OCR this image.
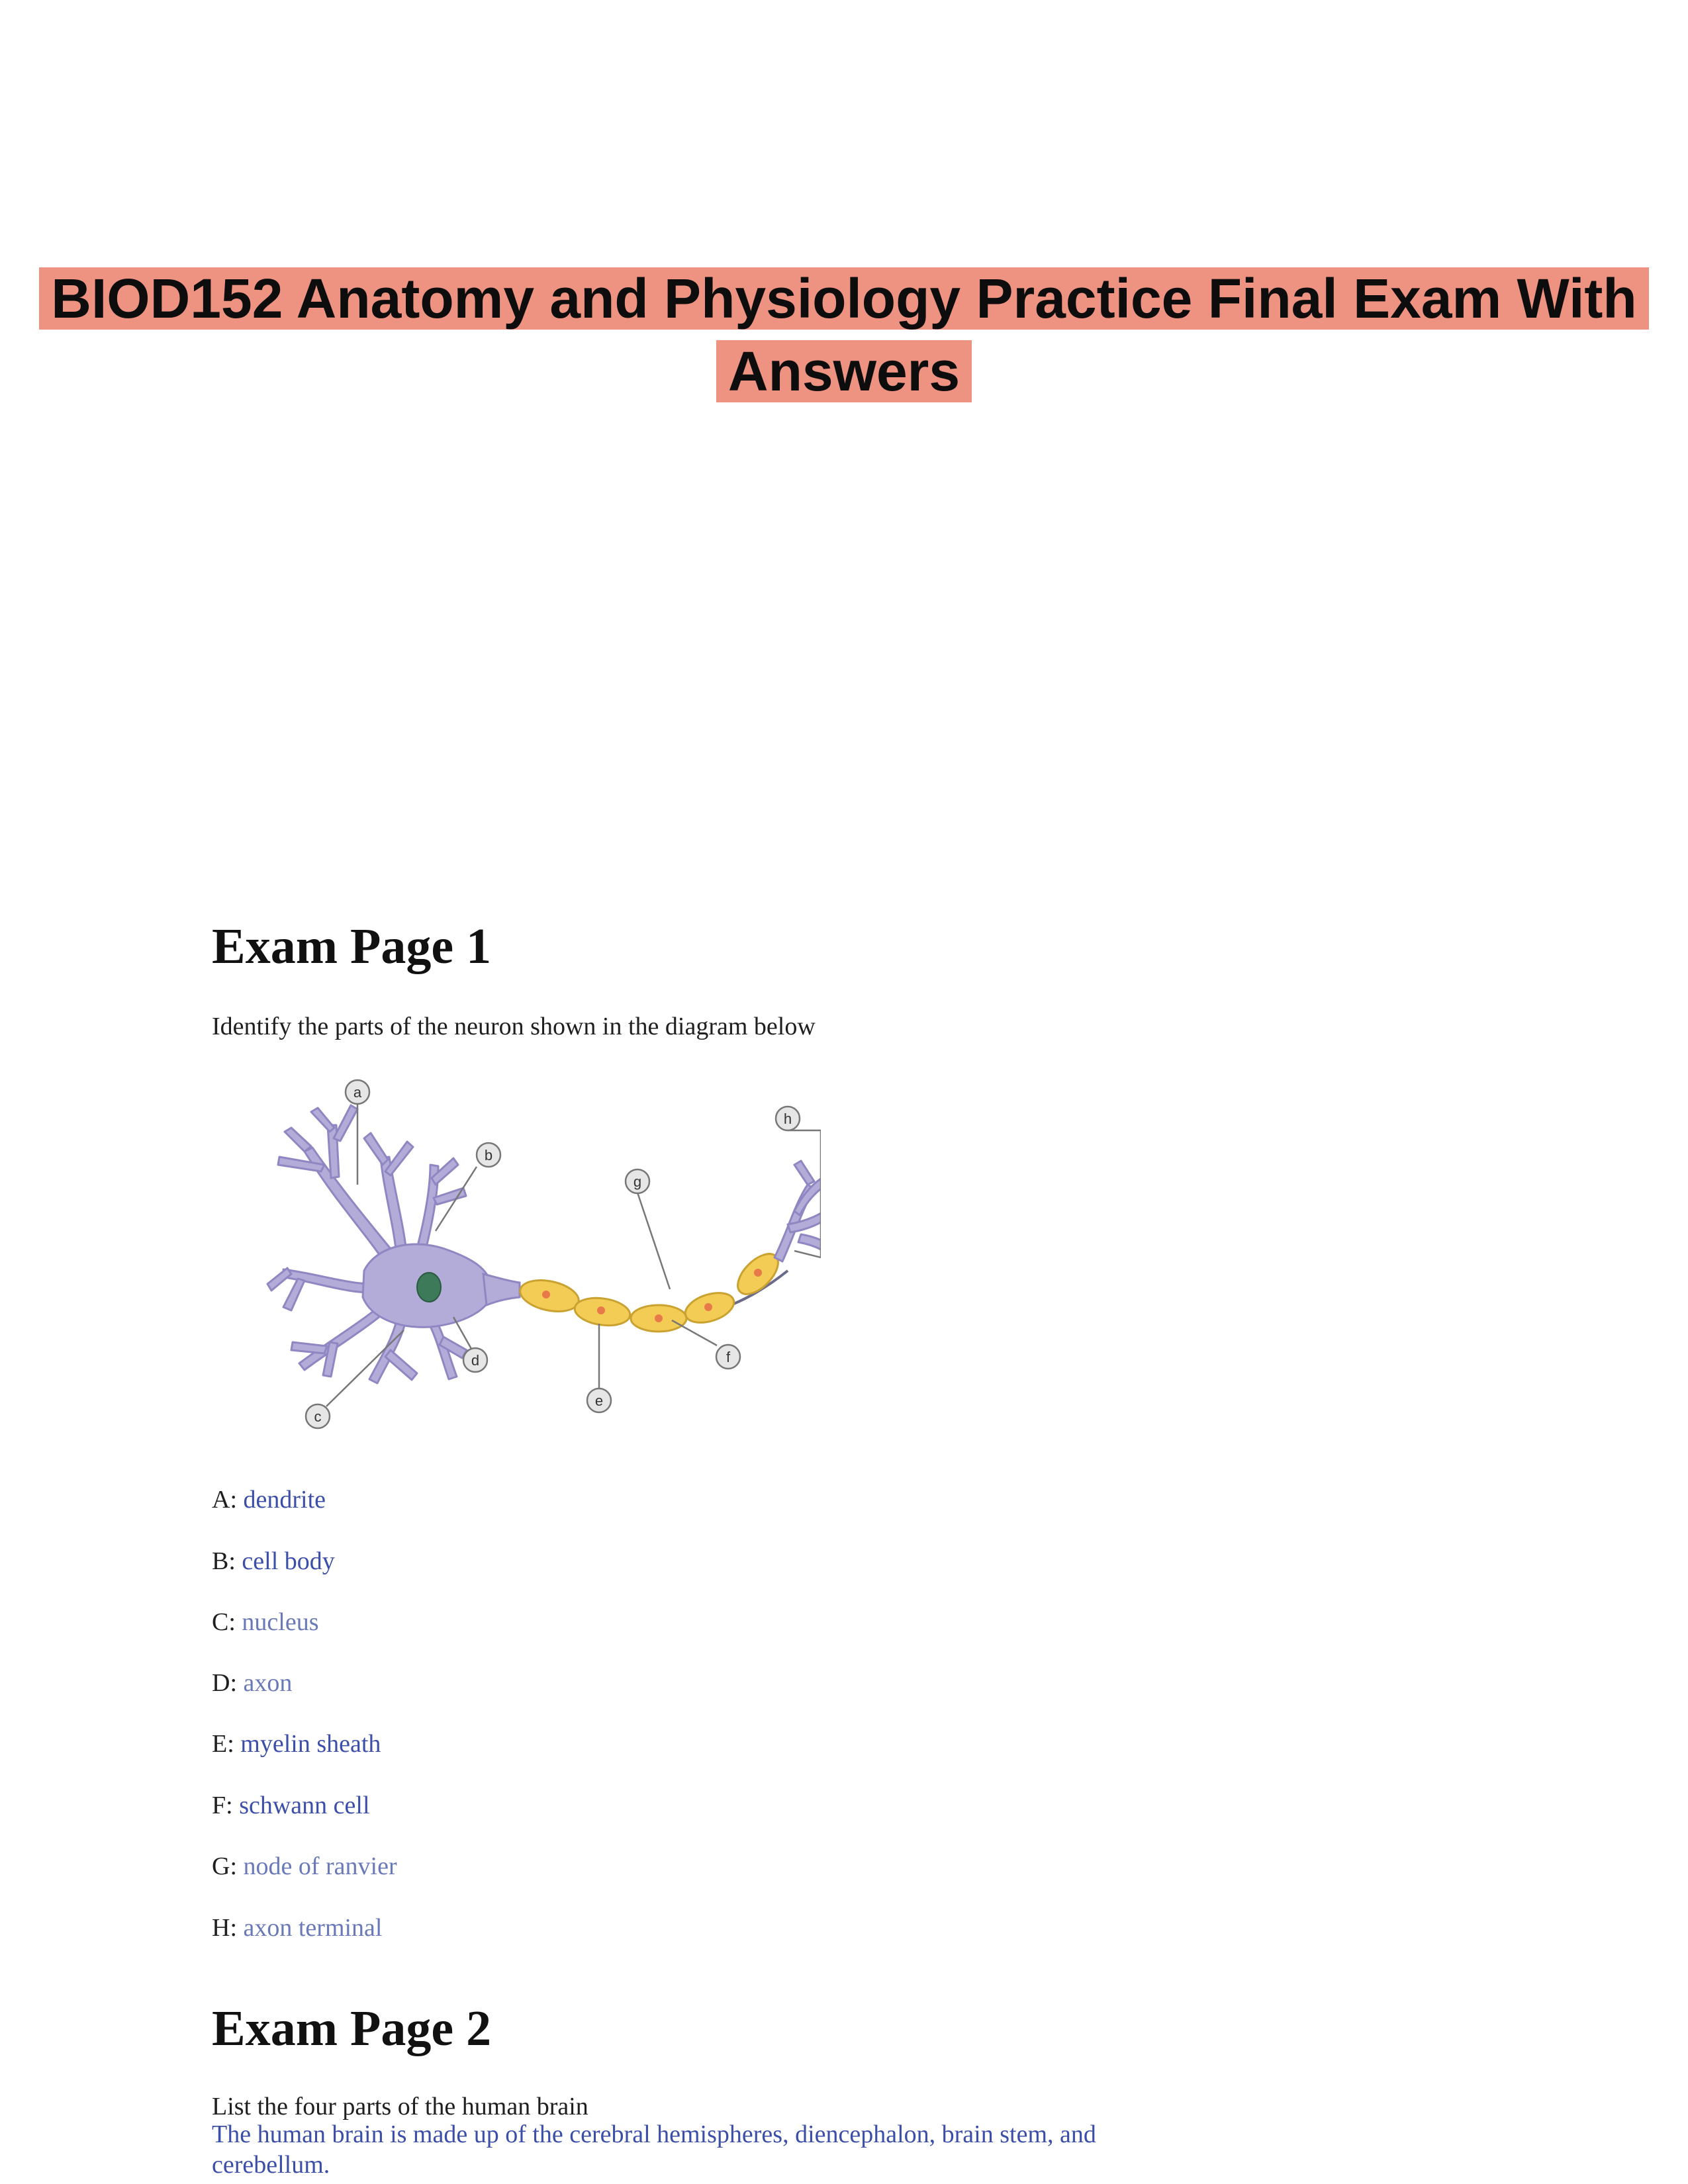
BIOD152 Anatomy and Physiology Practice Final Exam With Answers
Exam Page 1

Identify the parts of the neuron shown in the diagram below

a
b
c
d
e
f
g
h

A: dendrite

B: cell body

C: nucleus

D: axon

E: myelin sheath

F: schwann cell

G: node of ranvier

H: axon terminal

Exam Page 2

List the four parts of the human brain

The human brain is made up of the cerebral hemispheres, diencephalon, brain stem, and cerebellum.
